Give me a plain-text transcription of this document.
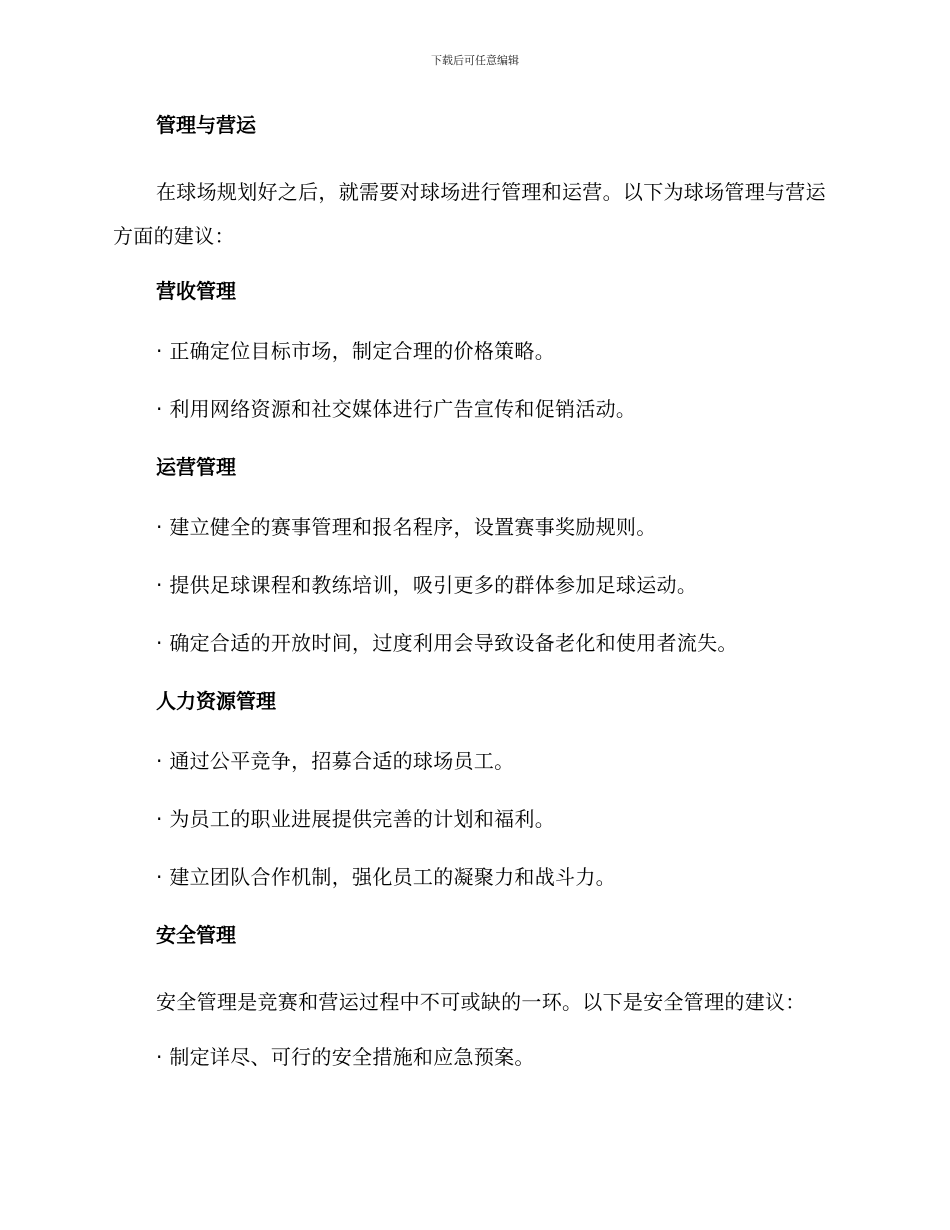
下载后可任意编辑
管理与营运
在球场规划好之后，就需要对球场进行管理和运营。以下为球场管理与营运方面的建议：
营收管理
· 正确定位目标市场，制定合理的价格策略。
· 利用网络资源和社交媒体进行广告宣传和促销活动。
运营管理
· 建立健全的赛事管理和报名程序，设置赛事奖励规则。
· 提供足球课程和教练培训，吸引更多的群体参加足球运动。
· 确定合适的开放时间，过度利用会导致设备老化和使用者流失。
人力资源管理
· 通过公平竞争，招募合适的球场员工。
· 为员工的职业进展提供完善的计划和福利。
· 建立团队合作机制，强化员工的凝聚力和战斗力。
安全管理
安全管理是竞赛和营运过程中不可或缺的一环。以下是安全管理的建议：
· 制定详尽、可行的安全措施和应急预案。
